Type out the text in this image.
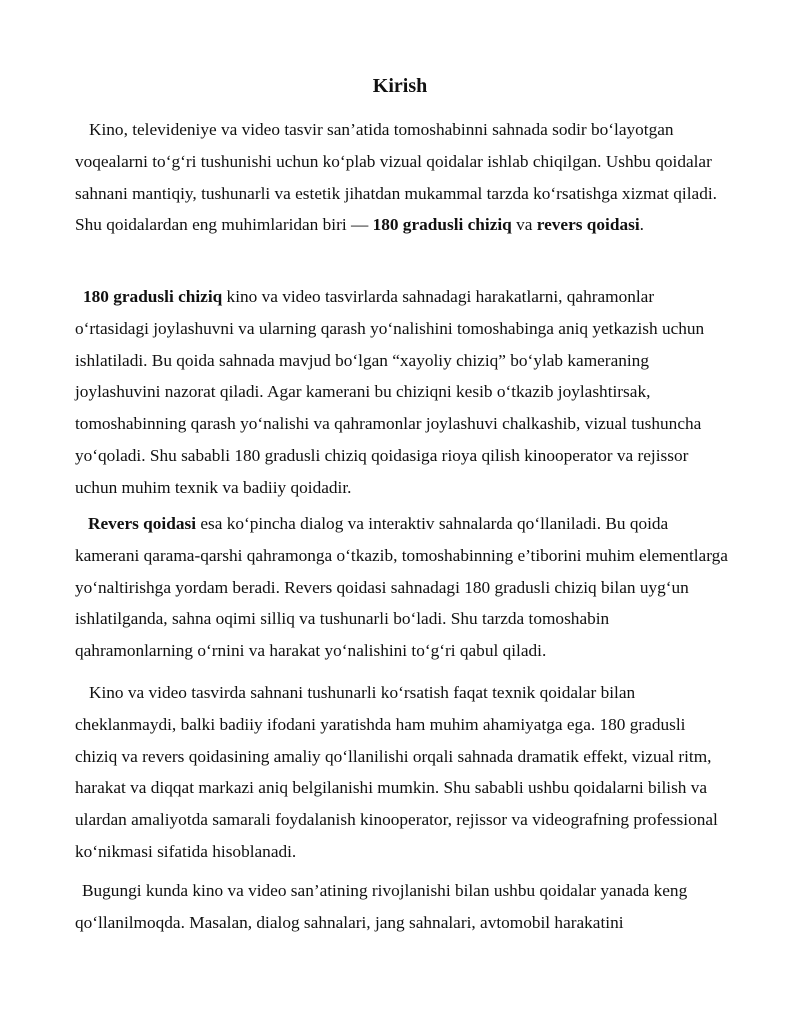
Kirish

Kino, televideniye va video tasvir san’atida tomoshabinni sahnada sodir bo‘layotgan voqealarni to‘g‘ri tushunishi uchun ko‘plab vizual qoidalar ishlab chiqilgan. Ushbu qoidalar sahnani mantiqiy, tushunarli va estetik jihatdan mukammal tarzda ko‘rsatishga xizmat qiladi. Shu qoidalardan eng muhimlaridan biri — 180 gradusli chiziq va revers qoidasi.

180 gradusli chiziq kino va video tasvirlarda sahnadagi harakatlarni, qahramonlar o‘rtasidagi joylashuvni va ularning qarash yo‘nalishini tomoshabinga aniq yetkazish uchun ishlatiladi. Bu qoida sahnada mavjud bo‘lgan “xayoliy chiziq” bo‘ylab kameraning joylashuvini nazorat qiladi. Agar kamerani bu chiziqni kesib o‘tkazib joylashtirsak, tomoshabinning qarash yo‘nalishi va qahramonlar joylashuvi chalkashib, vizual tushuncha yo‘qoladi. Shu sababli 180 gradusli chiziq qoidasiga rioya qilish kinooperator va rejissor uchun muhim texnik va badiiy qoidadir.

Revers qoidasi esa ko‘pincha dialog va interaktiv sahnalarda qo‘llaniladi. Bu qoida kamerani qarama-qarshi qahramonga o‘tkazib, tomoshabinning e’tiborini muhim elementlarga yo‘naltirishga yordam beradi. Revers qoidasi sahnadagi 180 gradusli chiziq bilan uyg‘un ishlatilganda, sahna oqimi silliq va tushunarli bo‘ladi. Shu tarzda tomoshabin qahramonlarning o‘rnini va harakat yo‘nalishini to‘g‘ri qabul qiladi.

Kino va video tasvirda sahnani tushunarli ko‘rsatish faqat texnik qoidalar bilan cheklanmaydi, balki badiiy ifodani yaratishda ham muhim ahamiyatga ega. 180 gradusli chiziq va revers qoidasining amaliy qo‘llanilishi orqali sahnada dramatik effekt, vizual ritm, harakat va diqqat markazi aniq belgilanishi mumkin. Shu sababli ushbu qoidalarni bilish va ulardan amaliyotda samarali foydalanish kinooperator, rejissor va videografning professional ko‘nikmasi sifatida hisoblanadi.

Bugungi kunda kino va video san’atining rivojlanishi bilan ushbu qoidalar yanada keng qo‘llanilmoqda. Masalan, dialog sahnalari, jang sahnalari, avtomobil harakatini
